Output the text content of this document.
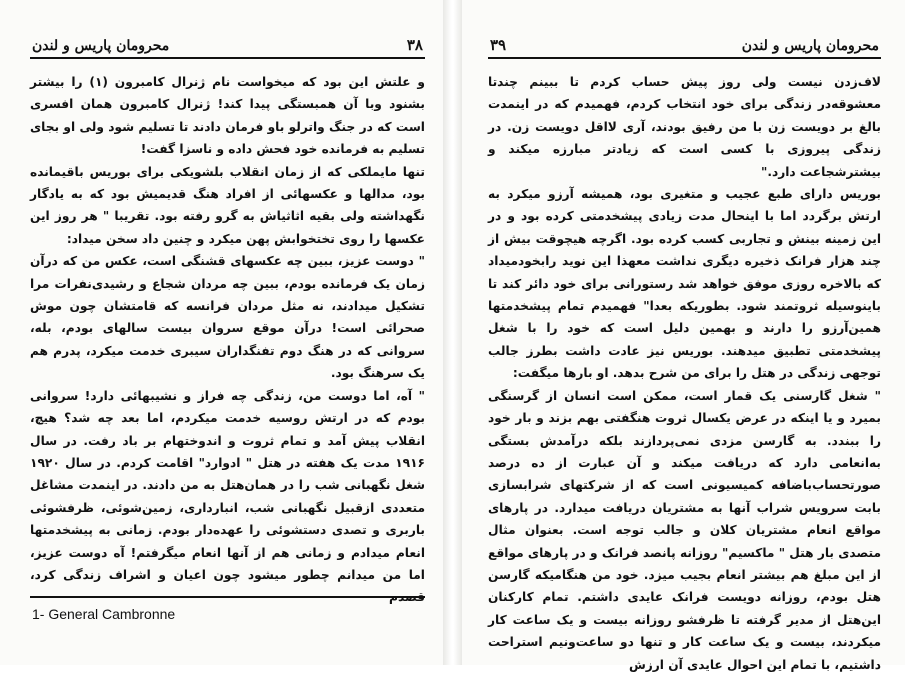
محرومان پاریس و لندن	۳۸

و علتش این بود که میخواست نام ژنرال کامبرون (۱) را بیشتر بشنود وبا آن همبستگی پیدا کند! ژنرال کامبرون همان افسری است که در جنگ واترلو باو فرمان دادند تا تسلیم شود ولی او بجای تسلیم به فرمانده خود فحش داده و ناسزا گفت!

تنها مایملکی که از زمان انقلاب بلشویکی برای بوریس باقیمانده بود، مدالها و عکسهائی از افراد هنگ قدیمیش بود که به یادگار نگهداشته ولی بقیه اثاثیاش به گرو رفته بود. تقریبا " هر روز این عکسها را روی تختخوابش پهن میکرد و چنین داد سخن میداد:

" دوست عزیز، ببین چه عکسهای قشنگی است، عکس من که درآن زمان یک فرمانده بودم، ببین چه مردان شجاع و رشیدی‌نفرات مرا تشکیل میدادند، نه مثل مردان فرانسه که قامتشان چون موش صحرائی است! درآن موقع سروان بیست سالهای بودم، بله، سروانی که در هنگ دوم تفنگداران سیبری خدمت میکرد، پدرم هم یک سرهنگ بود.

" آه، اما دوست من، زندگی چه فراز و نشیبهائی دارد! سروانی بودم که در ارتش روسیه خدمت میکردم، اما بعد چه شد؟ هیچ، انقلاب پیش آمد و تمام ثروت و اندوختهام بر باد رفت. در سال ۱۹۱۶ مدت یک هفته در هتل " ادوارد" اقامت کردم. در سال ۱۹۲۰ شغل نگهبانی شب را در همان‌هتل به من دادند. در اینمدت مشاغل متعددی ازقبیل نگهبانی شب، انبارداری، زمین‌شوئی، ظرفشوئی باربری و تصدی دستشوئی را عهده‌دار بودم. زمانی به پیشخدمتها انعام میدادم و زمانی هم از آنها انعام میگرفتم! آه دوست عزیز، اما من میدانم چطور میشود چون اعیان و اشراف زندگی کرد، قصدم

1- General Cambronne
۳۹	محرومان پاریس و لندن

لاف‌زدن نیست ولی روز پیش حساب کردم تا ببینم چندتا معشوقه‌در زندگی برای خود انتخاب کردم، فهمیدم که در اینمدت بالغ بر دویست زن با من رفیق بودند، آری لااقل دویست زن. در زندگی پیروزی با کسی است که زیادتر مبارزه میکند و بیشترشجاعت دارد."

بوریس دارای طبع عجیب و متغیری بود، همیشه آرزو میکرد به ارتش برگردد اما با اینحال مدت زیادی پیشخدمتی کرده بود و در این زمینه بینش و تجاربی کسب کرده بود. اگرچه هیچوقت بیش از چند هزار فرانک ذخیره دیگری نداشت معهذا این نوید رابخودمیداد که بالاخره روزی موفق خواهد شد رستورانی برای خود دائر کند تا باینوسیله ثروتمند شود. بطوریکه بعدا" فهمیدم تمام پیشخدمتها همین‌آرزو را دارند و بهمین دلیل است که خود را با شغل پیشخدمتی تطبیق میدهند. بوریس نیز عادت داشت بطرز جالب توجهی زندگی در هتل را برای من شرح بدهد. او بارها میگفت:

" شغل گارسنی یک قمار است، ممکن است انسان از گرسنگی بمیرد و یا اینکه در عرض یکسال ثروت هنگفتی بهم بزند و بار خود را ببندد. به گارسن مزدی نمی‌پردازند بلکه درآمدش بستگی به‌انعامی دارد که دریافت میکند و آن عبارت از ده درصد صورتحساب‌باضافه کمیسیونی است که از شرکتهای شرابسازی بابت سرویس شراب آنها به مشتریان دریافت میدارد. در پارهای مواقع انعام مشتریان کلان و جالب توجه است. بعنوان مثال متصدی بار هتل " ماکسیم" روزانه پانصد فرانک و در پارهای مواقع از این مبلغ هم بیشتر انعام بجیب میزد. خود من هنگامیکه گارسن هتل بودم، روزانه دویست فرانک عایدی داشتم. تمام کارکنان این‌هتل از مدیر گرفته تا ظرفشو روزانه بیست و یک ساعت کار میکردند، بیست و یک ساعت کار و تنها دو ساعت‌ونیم استراحت داشتیم، با تمام این احوال عایدی آن ارزش
